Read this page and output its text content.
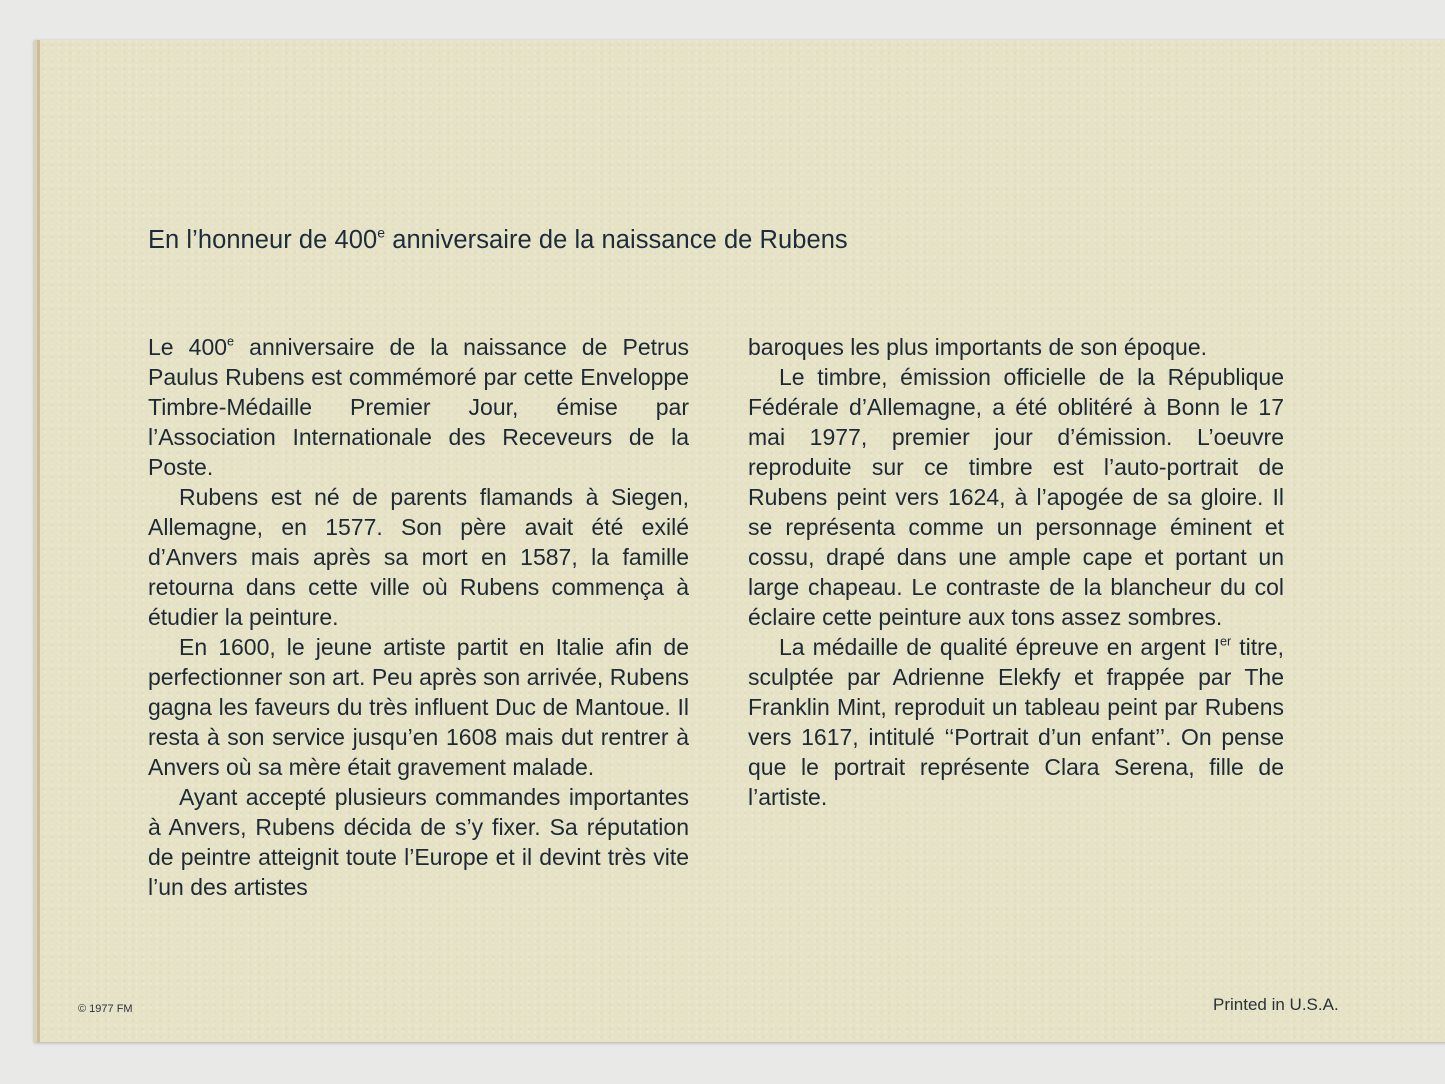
En l’honneur de 400e anniversaire de la naissance de Rubens

Le 400e anniversaire de la naissance de Petrus Paulus Rubens est commémoré par cette Enveloppe Timbre-Médaille Premier Jour, émise par l’Association Internationale des Receveurs de la Poste.

Rubens est né de parents flamands à Siegen, Allemagne, en 1577. Son père avait été exilé d’Anvers mais après sa mort en 1587, la famille retourna dans cette ville où Rubens commença à étudier la peinture.

En 1600, le jeune artiste partit en Italie afin de perfectionner son art. Peu après son arrivée, Rubens gagna les faveurs du très influent Duc de Mantoue. Il resta à son service jusqu’en 1608 mais dut rentrer à Anvers où sa mère était gravement malade.

Ayant accepté plusieurs commandes importantes à Anvers, Rubens décida de s’y fixer. Sa réputation de peintre atteignit toute l’Europe et il devint très vite l’un des artistes

baroques les plus importants de son époque.

Le timbre, émission officielle de la République Fédérale d’Allemagne, a été oblitéré à Bonn le 17 mai 1977, premier jour d’émission. L’oeuvre reproduite sur ce timbre est l’auto-portrait de Rubens peint vers 1624, à l’apogée de sa gloire. Il se représenta comme un personnage éminent et cossu, drapé dans une ample cape et portant un large chapeau. Le contraste de la blancheur du col éclaire cette peinture aux tons assez sombres.

La médaille de qualité épreuve en argent Ier titre, sculptée par Adrienne Elekfy et frappée par The Franklin Mint, reproduit un tableau peint par Rubens vers 1617, intitulé ‘‘Portrait d’un enfant’’. On pense que le portrait représente Clara Serena, fille de l’artiste.

© 1977 FM	Printed in U.S.A.
